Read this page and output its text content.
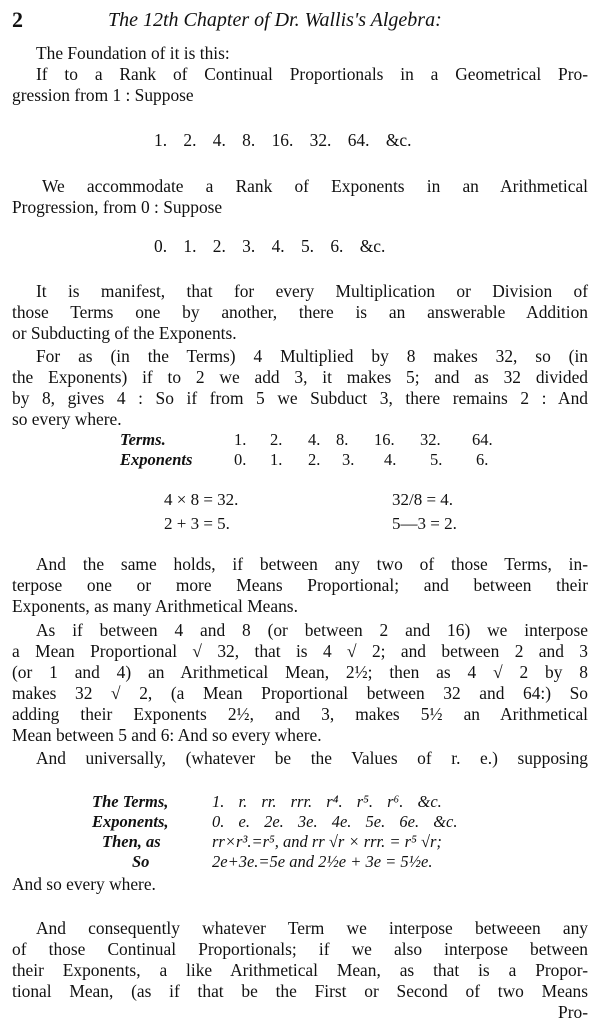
2	The 12th Chapter of Dr. Wallis's Algebra:
The Foundation of it is this:
If to a Rank of Continual Proportionals in a Geometrical Pro-
gression from 1 : Suppose
1. 2. 4. 8. 16. 32. 64. &c.
We accommodate a Rank of Exponents in an Arithmetical
Progression, from 0 : Suppose
0. 1. 2. 3. 4. 5. 6. &c.
It is manifest, that for every Multiplication or Division of
those Terms one by another, there is an answerable Addition
or Subducting of the Exponents.
For as (in the Terms) 4 Multiplied by 8 makes 32, so (in
the Exponents) if to 2 we add 3, it makes 5; and as 32 divided
by 8, gives 4 : So if from 5 we Subduct 3, there remains 2 : And
so every where.
Terms.	1. 2. 4. 8. 16. 32. 64.
Exponents	0. 1. 2. 3. 4. 5. 6.
4 × 8 = 32.	32/8 = 4.
2 + 3 = 5.	5—3 = 2.
And the same holds, if between any two of those Terms, in-
terpose one or more Means Proportional; and between their
Exponents, as many Arithmetical Means.
As if between 4 and 8 (or between 2 and 16) we interpose
a Mean Proportional √ 32, that is 4 √ 2; and between 2 and 3
(or 1 and 4) an Arithmetical Mean, 2½; then as 4 √ 2 by 8
makes 32 √ 2, (a Mean Proportional between 32 and 64:) So
adding their Exponents 2½, and 3, makes 5½ an Arithmetical
Mean between 5 and 6: And so every where.
And universally, (whatever be the Values of r. e.) supposing
The Terms,	1. r. rr. rrr. r⁴. r⁵. r⁶. &c.
Exponents,	0. e. 2e. 3e. 4e. 5e. 6e. &c.
Then, as	rr×r³.=r⁵, and rr √r × rrr. = r⁵ √r;
So	2e+3e.=5e and 2½e + 3e = 5½e.
And so every where.
And consequently whatever Term we interpose betweeen any
of those Continual Proportionals; if we also interpose between
their Exponents, a like Arithmetical Mean, as that is a Propor-
tional Mean, (as if that be the First or Second of two Means
Pro-
